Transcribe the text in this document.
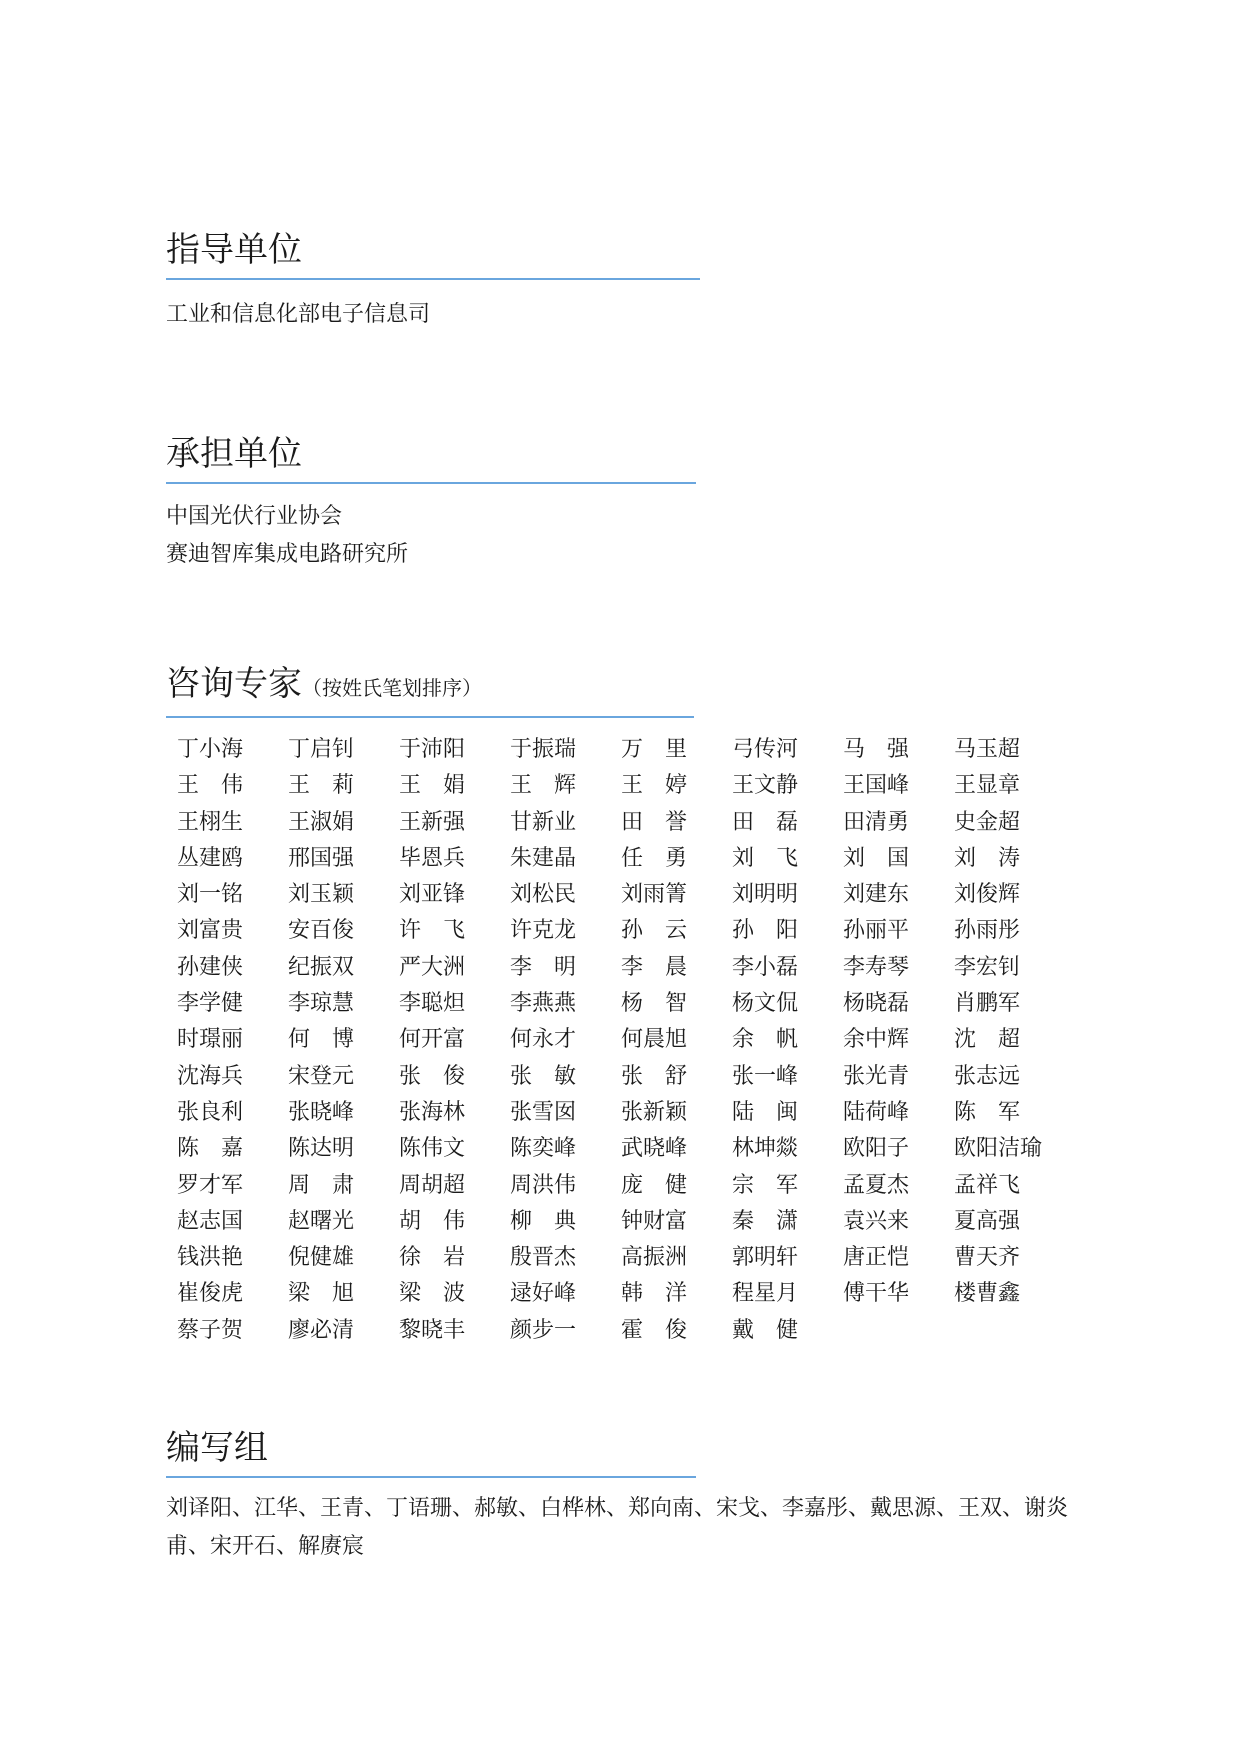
指导单位
工业和信息化部电子信息司
承担单位
中国光伏行业协会
赛迪智库集成电路研究所
咨询专家（按姓氏笔划排序）
丁小海	丁启钊	于沛阳	于振瑞	万　里	弓传河	马　强	马玉超
王　伟	王　莉	王　娟	王　辉	王　婷	王文静	王国峰	王显章
王栩生	王淑娟	王新强	甘新业	田　誉	田　磊	田清勇	史金超
丛建鸥	邢国强	毕恩兵	朱建晶	任　勇	刘　飞	刘　国	刘　涛
刘一铭	刘玉颖	刘亚锋	刘松民	刘雨箐	刘明明	刘建东	刘俊辉
刘富贵	安百俊	许　飞	许克龙	孙　云	孙　阳	孙丽平	孙雨彤
孙建侠	纪振双	严大洲	李　明	李　晨	李小磊	李寿琴	李宏钊
李学健	李琼慧	李聪炟	李燕燕	杨　智	杨文侃	杨晓磊	肖鹏军
时璟丽	何　博	何开富	何永才	何晨旭	余　帆	余中辉	沈　超
沈海兵	宋登元	张　俊	张　敏	张　舒	张一峰	张光青	张志远
张良利	张晓峰	张海林	张雪囡	张新颖	陆　闽	陆荷峰	陈　军
陈　嘉	陈达明	陈伟文	陈奕峰	武晓峰	林坤燚	欧阳子	欧阳洁瑜
罗才军	周　肃	周胡超	周洪伟	庞　健	宗　军	孟夏杰	孟祥飞
赵志国	赵曙光	胡　伟	柳　典	钟财富	秦　潇	袁兴来	夏高强
钱洪艳	倪健雄	徐　岩	殷晋杰	高振洲	郭明轩	唐正恺	曹天齐
崔俊虎	梁　旭	梁　波	逯好峰	韩　洋	程星月	傅干华	楼曹鑫
蔡子贺	廖必清	黎晓丰	颜步一	霍　俊	戴　健
编写组
刘译阳、江华、王青、丁语珊、郝敏、白桦林、郑向南、宋戈、李嘉彤、戴思源、王双、谢炎甫、宋开石、解赓宸
